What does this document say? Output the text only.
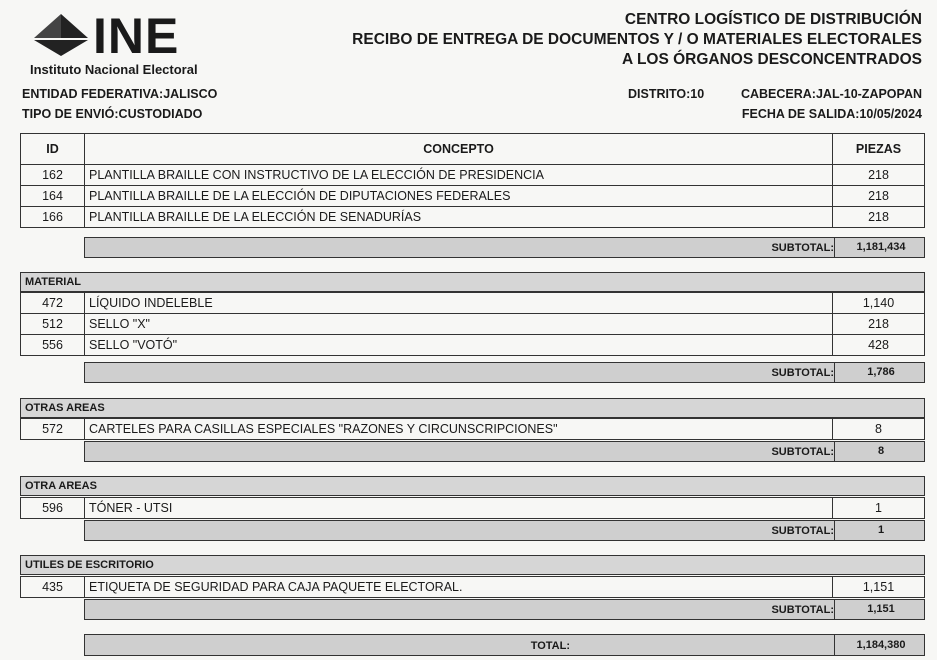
INE
Instituto Nacional Electoral
CENTRO LOGÍSTICO DE DISTRIBUCIÓN
RECIBO DE ENTREGA DE DOCUMENTOS Y / O MATERIALES ELECTORALES
A LOS ÓRGANOS DESCONCENTRADOS
ENTIDAD FEDERATIVA:JALISCO
TIPO DE ENVIÓ:CUSTODIADO
DISTRITO:10	CABECERA:JAL-10-ZAPOPAN
FECHA DE SALIDA:10/05/2024
ID	CONCEPTO	PIEZAS
162	PLANTILLA BRAILLE CON INSTRUCTIVO DE LA ELECCIÓN DE PRESIDENCIA	218
164	PLANTILLA BRAILLE DE LA ELECCIÓN DE DIPUTACIONES FEDERALES	218
166	PLANTILLA BRAILLE DE LA ELECCIÓN DE SENADURÍAS	218
SUBTOTAL:	1,181,434
MATERIAL
472	LÍQUIDO INDELEBLE	1,140
512	SELLO "X"	218
556	SELLO "VOTÓ"	428
SUBTOTAL:	1,786
OTRAS AREAS
572	CARTELES PARA CASILLAS ESPECIALES "RAZONES Y CIRCUNSCRIPCIONES"	8
SUBTOTAL:	8
OTRA AREAS
596	TÓNER - UTSI	1
SUBTOTAL:	1
UTILES DE ESCRITORIO
435	ETIQUETA DE SEGURIDAD PARA CAJA PAQUETE ELECTORAL.	1,151
SUBTOTAL:	1,151
TOTAL:	1,184,380
